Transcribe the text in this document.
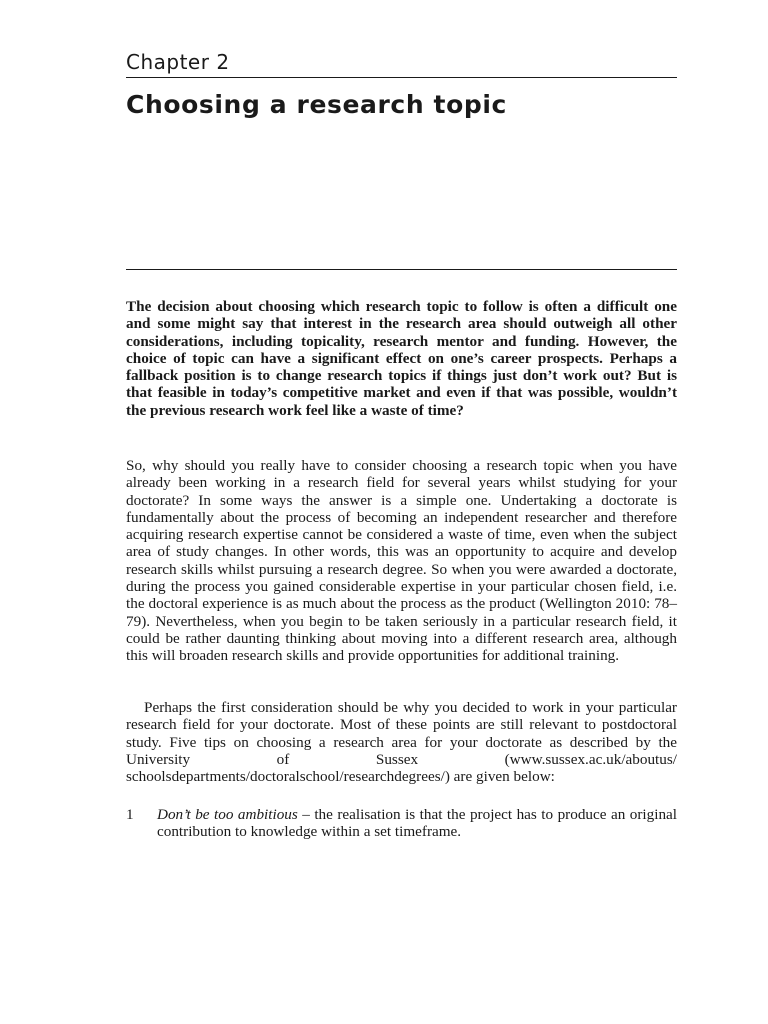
Chapter 2
Choosing a research topic

The decision about choosing which research topic to follow is often a difficult one and some might say that interest in the research area should outweigh all other considerations, including topicality, research mentor and funding. However, the choice of topic can have a significant effect on one’s career prospects. Perhaps a fallback position is to change research topics if things just don’t work out? But is that feasible in today’s competitive market and even if that was possible, wouldn’t the previous research work feel like a waste of time?

So, why should you really have to consider choosing a research topic when you have already been working in a research field for several years whilst studying for your doctorate? In some ways the answer is a simple one. Undertaking a doctorate is fundamentally about the process of becoming an independent researcher and therefore acquiring research expertise cannot be considered a waste of time, even when the subject area of study changes. In other words, this was an opportunity to acquire and develop research skills whilst pursuing a research degree. So when you were awarded a doctorate, during the process you gained considerable expertise in your particular chosen field, i.e. the doctoral experience is as much about the process as the product (Wellington 2010: 78–79). Nevertheless, when you begin to be taken seriously in a particular research field, it could be rather daunting thinking about moving into a different research area, although this will broaden research skills and provide opportunities for additional training.

Perhaps the first consideration should be why you decided to work in your particular research field for your doctorate. Most of these points are still relevant to postdoctoral study. Five tips on choosing a research area for your doctorate as described by the University of Sussex (www.sussex.ac.uk/aboutus/ schoolsdepartments/doctoralschool/researchdegrees/) are given below:

1 Don’t be too ambitious – the realisation is that the project has to produce an original contribution to knowledge within a set timeframe.
